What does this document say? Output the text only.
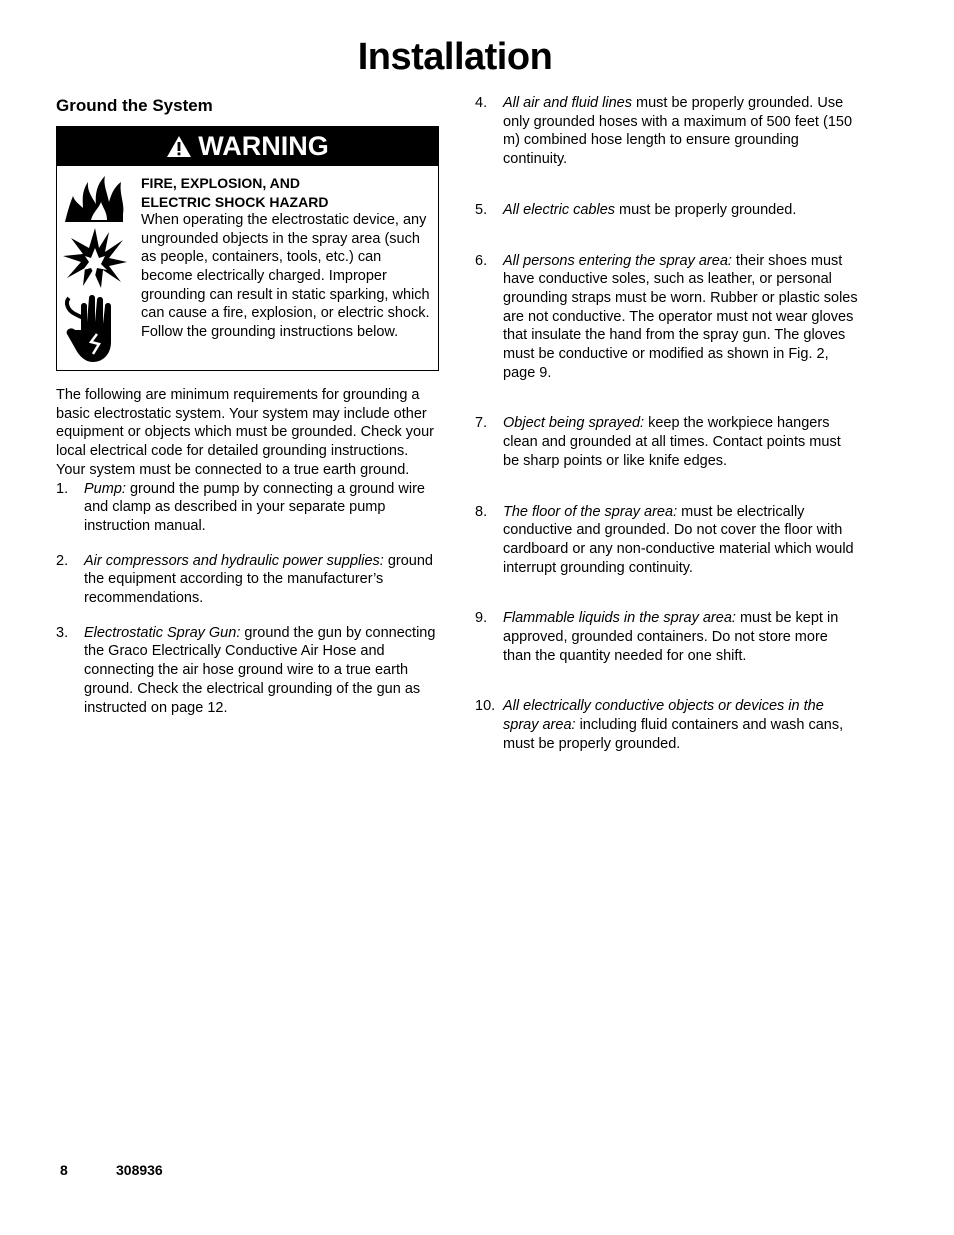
Installation
Ground the System
WARNING

FIRE, EXPLOSION, AND

ELECTRIC SHOCK HAZARD

When operating the electrostatic device, any ungrounded objects in the spray area (such as people, containers, tools, etc.) can become electrically charged. Improper grounding can result in static sparking, which can cause a fire, explosion, or electric shock. Follow the grounding instructions below.

The following are minimum requirements for grounding a basic electrostatic system. Your system may include other equipment or objects which must be grounded. Check your local electrical code for detailed grounding instructions. Your system must be connected to a true earth ground.

1.	Pump: ground the pump by connecting a ground wire and clamp as described in your separate pump instruction manual.
2.	Air compressors and hydraulic power supplies: ground the equipment according to the manufacturer’s recommendations.
3.	Electrostatic Spray Gun: ground the gun by connecting the Graco Electrically Conductive Air Hose and connecting the air hose ground wire to a true earth ground. Check the electrical grounding of the gun as instructed on page 12.
4.	All air and fluid lines must be properly grounded. Use only grounded hoses with a maximum of 500 feet (150 m) combined hose length to ensure grounding continuity.
5.	All electric cables must be properly grounded.
6.	All persons entering the spray area: their shoes must have conductive soles, such as leather, or personal grounding straps must be worn. Rubber or plastic soles are not conductive. The operator must not wear gloves that insulate the hand from the spray gun. The gloves must be conductive or modified as shown in Fig. 2, page 9.
7.	Object being sprayed: keep the workpiece hangers clean and grounded at all times. Contact points must be sharp points or like knife edges.
8.	The floor of the spray area: must be electrically conductive and grounded. Do not cover the floor with cardboard or any non-conductive material which would interrupt grounding continuity.
9.	Flammable liquids in the spray area: must be kept in approved, grounded containers. Do not store more than the quantity needed for one shift.
10. All electrically conductive objects or devices in the spray area: including fluid containers and wash cans, must be properly grounded.
8	308936
